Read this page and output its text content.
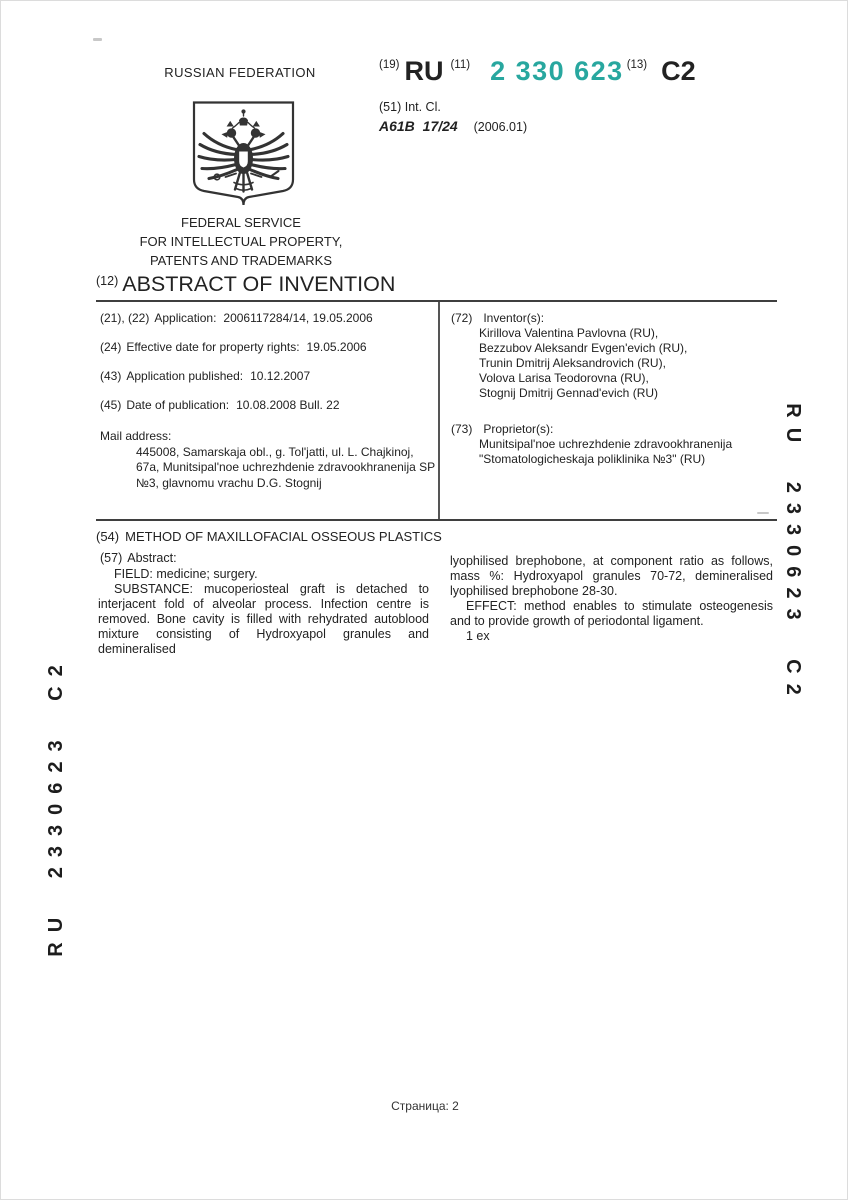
RUSSIAN FEDERATION
FEDERAL SERVICE
FOR INTELLECTUAL PROPERTY,
PATENTS AND TRADEMARKS
(19) RU (11) 2 330 623 (13) C2
(51) Int. Cl.
A61B 17/24 (2006.01)
(12) ABSTRACT OF INVENTION
(21), (22) Application: 2006117284/14, 19.05.2006
(24) Effective date for property rights: 19.05.2006
(43) Application published: 10.12.2007
(45) Date of publication: 10.08.2008 Bull. 22
Mail address:
445008, Samarskaja obl., g. Tol'jatti, ul. L. Chajkinoj, 67a, Munitsipal'noe uchrezhdenie zdravookhranenija SP №3, glavnomu vrachu D.G. Stognij
(72) Inventor(s):
Kirillova Valentina Pavlovna (RU),
Bezzubov Aleksandr Evgen'evich (RU),
Trunin Dmitrij Aleksandrovich (RU),
Volova Larisa Teodorovna (RU),
Stognij Dmitrij Gennad'evich (RU)
(73) Proprietor(s):
Munitsipal'noe uchrezhdenie zdravookhranenija
"Stomatologicheskaja poliklinika №3" (RU)
(54) METHOD OF MAXILLOFACIAL OSSEOUS PLASTICS
(57) Abstract:

FIELD: medicine; surgery.

SUBSTANCE: mucoperiosteal graft is detached to interjacent fold of alveolar process. Infection centre is removed. Bone cavity is filled with rehydrated autoblood mixture consisting of Hydroxyapol granules and demineralised

lyophilised brephobone, at component ratio as follows, mass %: Hydroxyapol granules 70-72, demineralised lyophilised brephobone 28-30.

EFFECT: method enables to stimulate osteogenesis and to provide growth of periodontal ligament.

1 ex

RU 2330623 C2
RU 2330623 C2
Страница: 2
